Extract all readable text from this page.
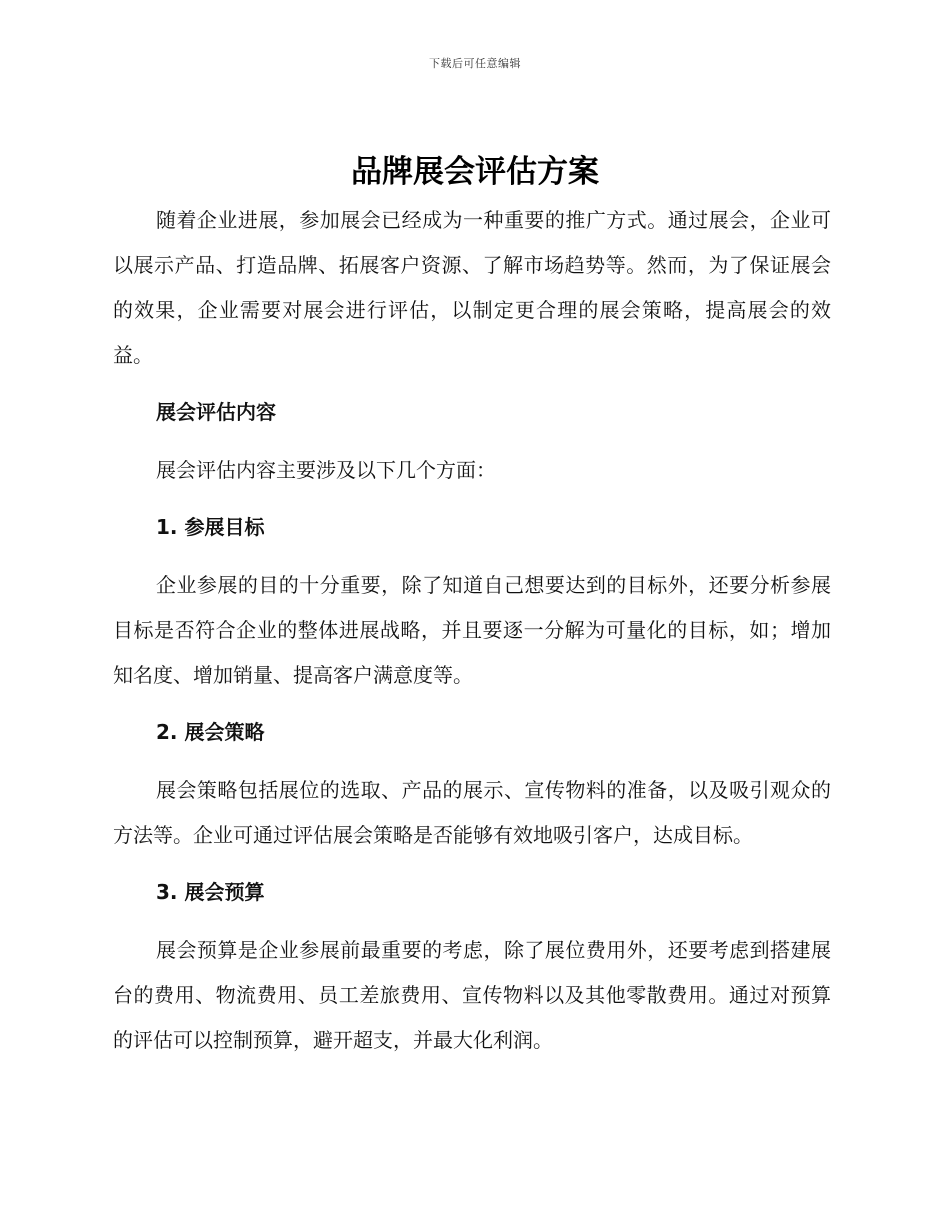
下载后可任意编辑
品牌展会评估方案

随着企业进展，参加展会已经成为一种重要的推广方式。通过展会，企业可以展示产品、打造品牌、拓展客户资源、了解市场趋势等。然而，为了保证展会的效果，企业需要对展会进行评估，以制定更合理的展会策略，提高展会的效益。

展会评估内容

展会评估内容主要涉及以下几个方面：

1. 参展目标

企业参展的目的十分重要，除了知道自己想要达到的目标外，还要分析参展目标是否符合企业的整体进展战略，并且要逐一分解为可量化的目标，如；增加知名度、增加销量、提高客户满意度等。

2. 展会策略

展会策略包括展位的选取、产品的展示、宣传物料的准备，以及吸引观众的方法等。企业可通过评估展会策略是否能够有效地吸引客户，达成目标。

3. 展会预算

展会预算是企业参展前最重要的考虑，除了展位费用外，还要考虑到搭建展台的费用、物流费用、员工差旅费用、宣传物料以及其他零散费用。通过对预算的评估可以控制预算，避开超支，并最大化利润。
